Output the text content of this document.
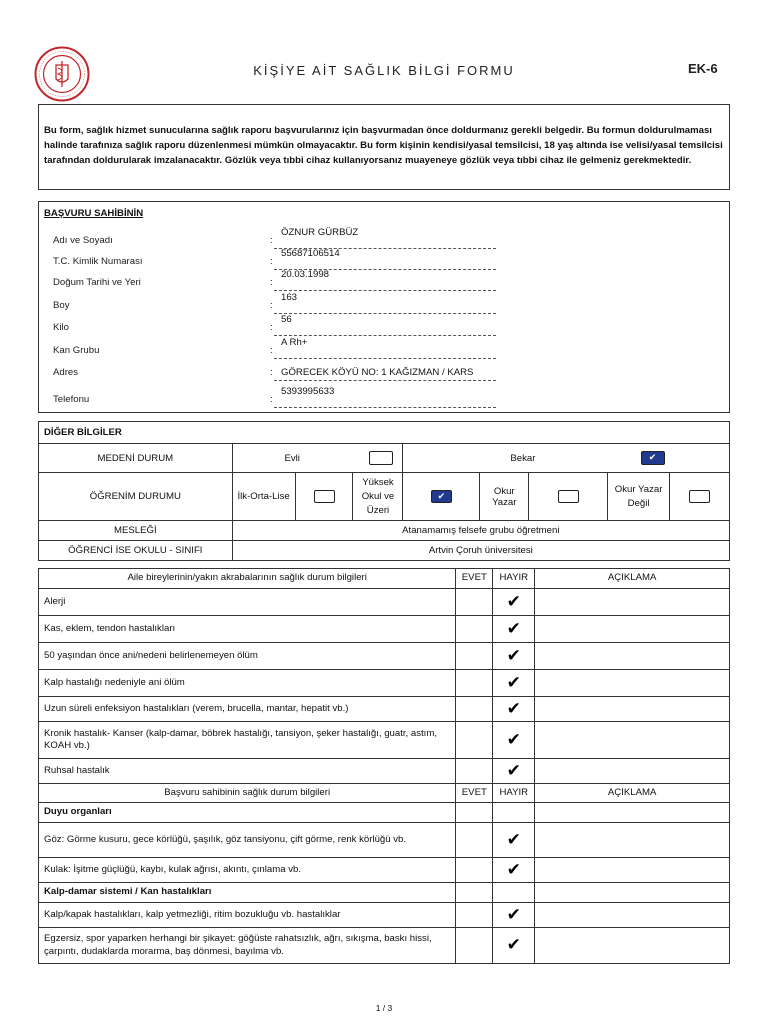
KİŞİYE AİT SAĞLIK BİLGİ FORMU	EK-6
Bu form, sağlık hizmet sunucularına sağlık raporu başvurularınız için başvurmadan önce doldurmanız gerekli belgedir. Bu formun doldurulmaması halinde tarafınıza sağlık raporu düzenlenmesi mümkün olmayacaktır. Bu form kişinin kendisi/yasal temsilcisi, 18 yaş altında ise velisi/yasal temsilcisi tarafından doldurularak imzalanacaktır. Gözlük veya tıbbi cihaz kullanıyorsanız muayeneye gözlük veya tıbbi cihaz ile gelmeniz gerekmektedir.
BAŞVURU SAHİBİNİN
Adı ve Soyadı	:
ÖZNUR GÜRBÜZ
T.C. Kimlik Numarası	:
55687106514
Doğum Tarihi ve Yeri	:
20.03.1998
Boy	:
163
Kilo	:
56
Kan Grubu	:
A Rh+
Adres	: GÖRECEK KÖYÜ NO: 1 KAĞIZMAN / KARS
Telefonu	:
5393995633
DİĞER BİLGİLER								
MEDENİ DURUM	Evli			Bekar ✔				
ÖĞRENİM DURUMU	İlk-Orta-Lise		Yüksek Okul ve Üzeri	✔	Okur Yazar		Okur Yazar Değil	
MESLEĞİ	Atanamamış felsefe grubu öğretmeni							
ÖĞRENCİ İSE OKULU - SINIFI	Artvin Çoruh üniversitesi							
Aile bireylerinin/yakın akrabalarının sağlık durum bilgileri	EVET	HAYIR	AÇIKLAMA
Alerji		✔	
Kas, eklem, tendon hastalıkları		✔	
50 yaşından önce ani/nedeni belirlenemeyen ölüm		✔	
Kalp hastalığı nedeniyle ani ölüm		✔	
Uzun süreli enfeksiyon hastalıkları (verem, brucella, mantar, hepatit vb.)		✔	
Kronik hastalık- Kanser (kalp-damar, böbrek hastalığı, tansiyon, şeker hastalığı, guatr, astım, KOAH vb.)		✔	
Ruhsal hastalık		✔	
Başvuru sahibinin sağlık durum bilgileri	EVET	HAYIR	AÇIKLAMA
Duyu organları			
Göz: Görme kusuru, gece körlüğü, şaşılık, göz tansiyonu, çift görme, renk körlüğü vb.		✔	
Kulak: İşitme güçlüğü, kaybı, kulak ağrısı, akıntı, çınlama vb.		✔	
Kalp-damar sistemi / Kan hastalıkları			
Kalp/kapak hastalıkları, kalp yetmezliği, ritim bozukluğu vb. hastalıklar		✔	
Egzersiz, spor yaparken herhangi bir şikayet: göğüste rahatsızlık, ağrı, sıkışma, baskı hissi, çarpıntı, dudaklarda morarma, baş dönmesi, bayılma vb.		✔	
1 / 3
